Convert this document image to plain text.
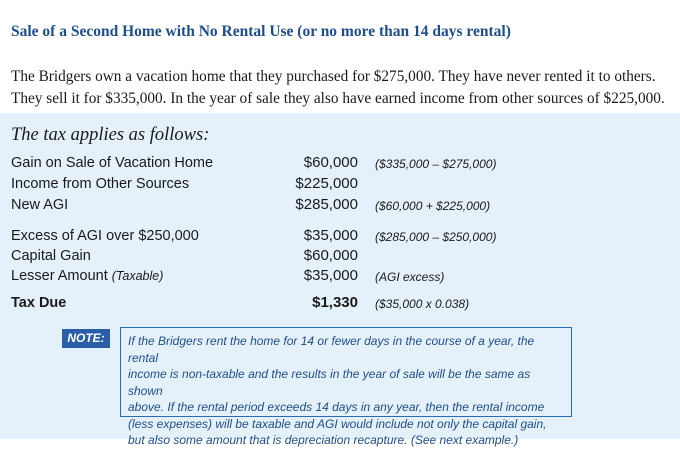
Sale of a Second Home with No Rental Use (or no more than 14 days rental)
The Bridgers own a vacation home that they purchased for $275,000. They have never rented it to others.
They sell it for $335,000. In the year of sale they also have earned income from other sources of $225,000.
The tax applies as follows:
Gain on Sale of Vacation Home	$60,000 ($335,000 – $275,000)
Income from Other Sources	$225,000
New AGI	$285,000 ($60,000 + $225,000)
Excess of AGI over $250,000	$35,000 ($285,000 – $250,000)
Capital Gain	$60,000
Lesser Amount (Taxable)	$35,000 (AGI excess)
Tax Due	$1,330 ($35,000 x 0.038)
NOTE:	If the Bridgers rent the home for 14 or fewer days in the course of a year, the rental
income is non-taxable and the results in the year of sale will be the same as shown
above. If the rental period exceeds 14 days in any year, then the rental income
(less expenses) will be taxable and AGI would include not only the capital gain,
but also some amount that is depreciation recapture. (See next example.)
